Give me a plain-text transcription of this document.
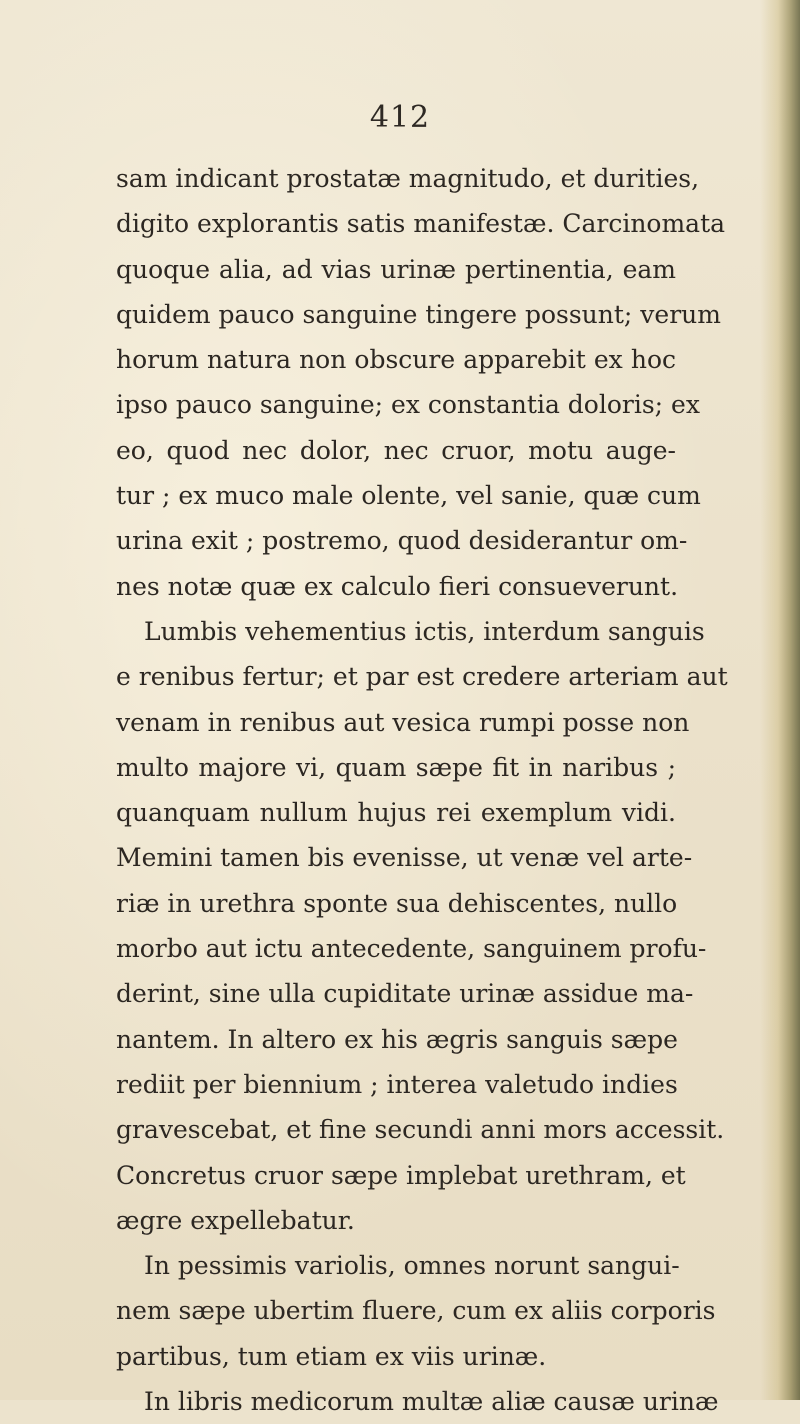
412
sam indicant prostatæ magnitudo, et durities,
digito explorantis satis manifestæ. Carcinomata
quoque alia, ad vias urinæ pertinentia, eam
quidem pauco sanguine tingere possunt; verum
horum natura non obscure apparebit ex hoc
ipso pauco sanguine; ex constantia doloris; ex
eo, quod nec dolor, nec cruor, motu auge-
tur ; ex muco male olente, vel sanie, quæ cum
urina exit ; postremo, quod desiderantur om-
nes notæ quæ ex calculo fieri consueverunt.
Lumbis vehementius ictis, interdum sanguis
e renibus fertur; et par est credere arteriam aut
venam in renibus aut vesica rumpi posse non
multo majore vi, quam sæpe fit in naribus ;
quanquam nullum hujus rei exemplum vidi.
Memini tamen bis evenisse, ut venæ vel arte-
riæ in urethra sponte sua dehiscentes, nullo
morbo aut ictu antecedente, sanguinem profu-
derint, sine ulla cupiditate urinæ assidue ma-
nantem. In altero ex his ægris sanguis sæpe
rediit per biennium ; interea valetudo indies
gravescebat, et fine secundi anni mors accessit.
Concretus cruor sæpe implebat urethram, et
ægre expellebatur.
In pessimis variolis, omnes norunt sangui-
nem sæpe ubertim fluere, cum ex aliis corporis
partibus, tum etiam ex viis urinæ.
In libris medicorum multæ aliæ causæ urinæ
